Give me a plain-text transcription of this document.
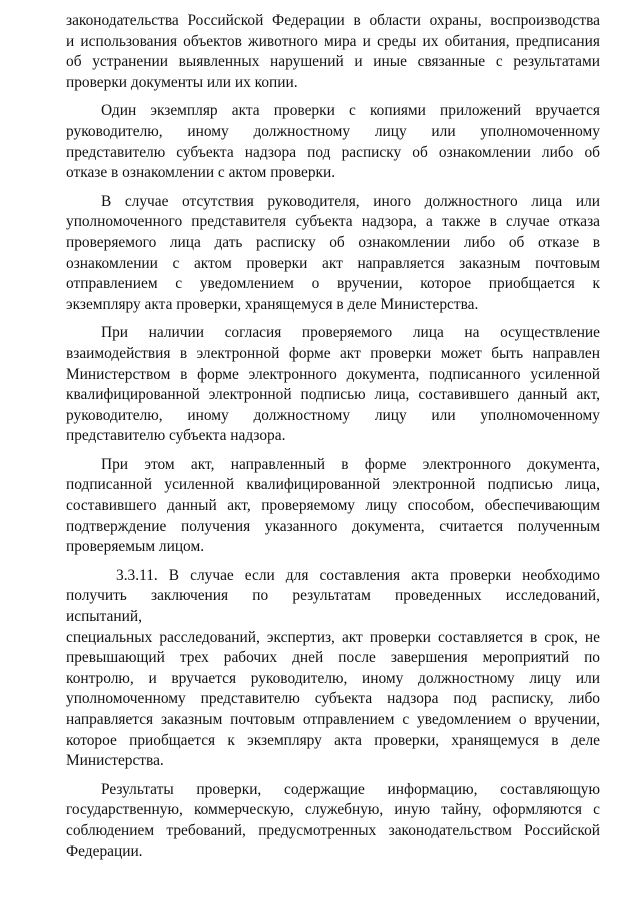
законодательства Российской Федерации в области охраны, воспроизводства
и использования объектов животного мира и среды их обитания, предписания
об устранении выявленных нарушений и иные связанные с результатами
проверки документы или их копии.
Один экземпляр акта проверки с копиями приложений вручается
руководителю, иному должностному лицу или уполномоченному
представителю субъекта надзора под расписку об ознакомлении либо об
отказе в ознакомлении с актом проверки.
В случае отсутствия руководителя, иного должностного лица или
уполномоченного представителя субъекта надзора, а также в случае отказа
проверяемого лица дать расписку об ознакомлении либо об отказе в
ознакомлении с актом проверки акт направляется заказным почтовым
отправлением с уведомлением о вручении, которое приобщается к
экземпляру акта проверки, хранящемуся в деле Министерства.
При наличии согласия проверяемого лица на осуществление
взаимодействия в электронной форме акт проверки может быть направлен
Министерством в форме электронного документа, подписанного усиленной
квалифицированной электронной подписью лица, составившего данный акт,
руководителю, иному должностному лицу или уполномоченному
представителю субъекта надзора.
При этом акт, направленный в форме электронного документа,
подписанной усиленной квалифицированной электронной подписью лица,
составившего данный акт, проверяемому лицу способом, обеспечивающим
подтверждение получения указанного документа, считается полученным
проверяемым лицом.
3.3.11. В случае если для составления акта проверки необходимо
получить заключения по результатам проведенных исследований,
испытаний,
специальных расследований, экспертиз, акт проверки составляется в срок, не
превышающий трех рабочих дней после завершения мероприятий по
контролю, и вручается руководителю, иному должностному лицу или
уполномоченному представителю субъекта надзора под расписку, либо
направляется заказным почтовым отправлением с уведомлением о вручении,
которое приобщается к экземпляру акта проверки, хранящемуся в деле
Министерства.
Результаты проверки, содержащие информацию, составляющую
государственную, коммерческую, служебную, иную тайну, оформляются с
соблюдением требований, предусмотренных законодательством Российской
Федерации.
